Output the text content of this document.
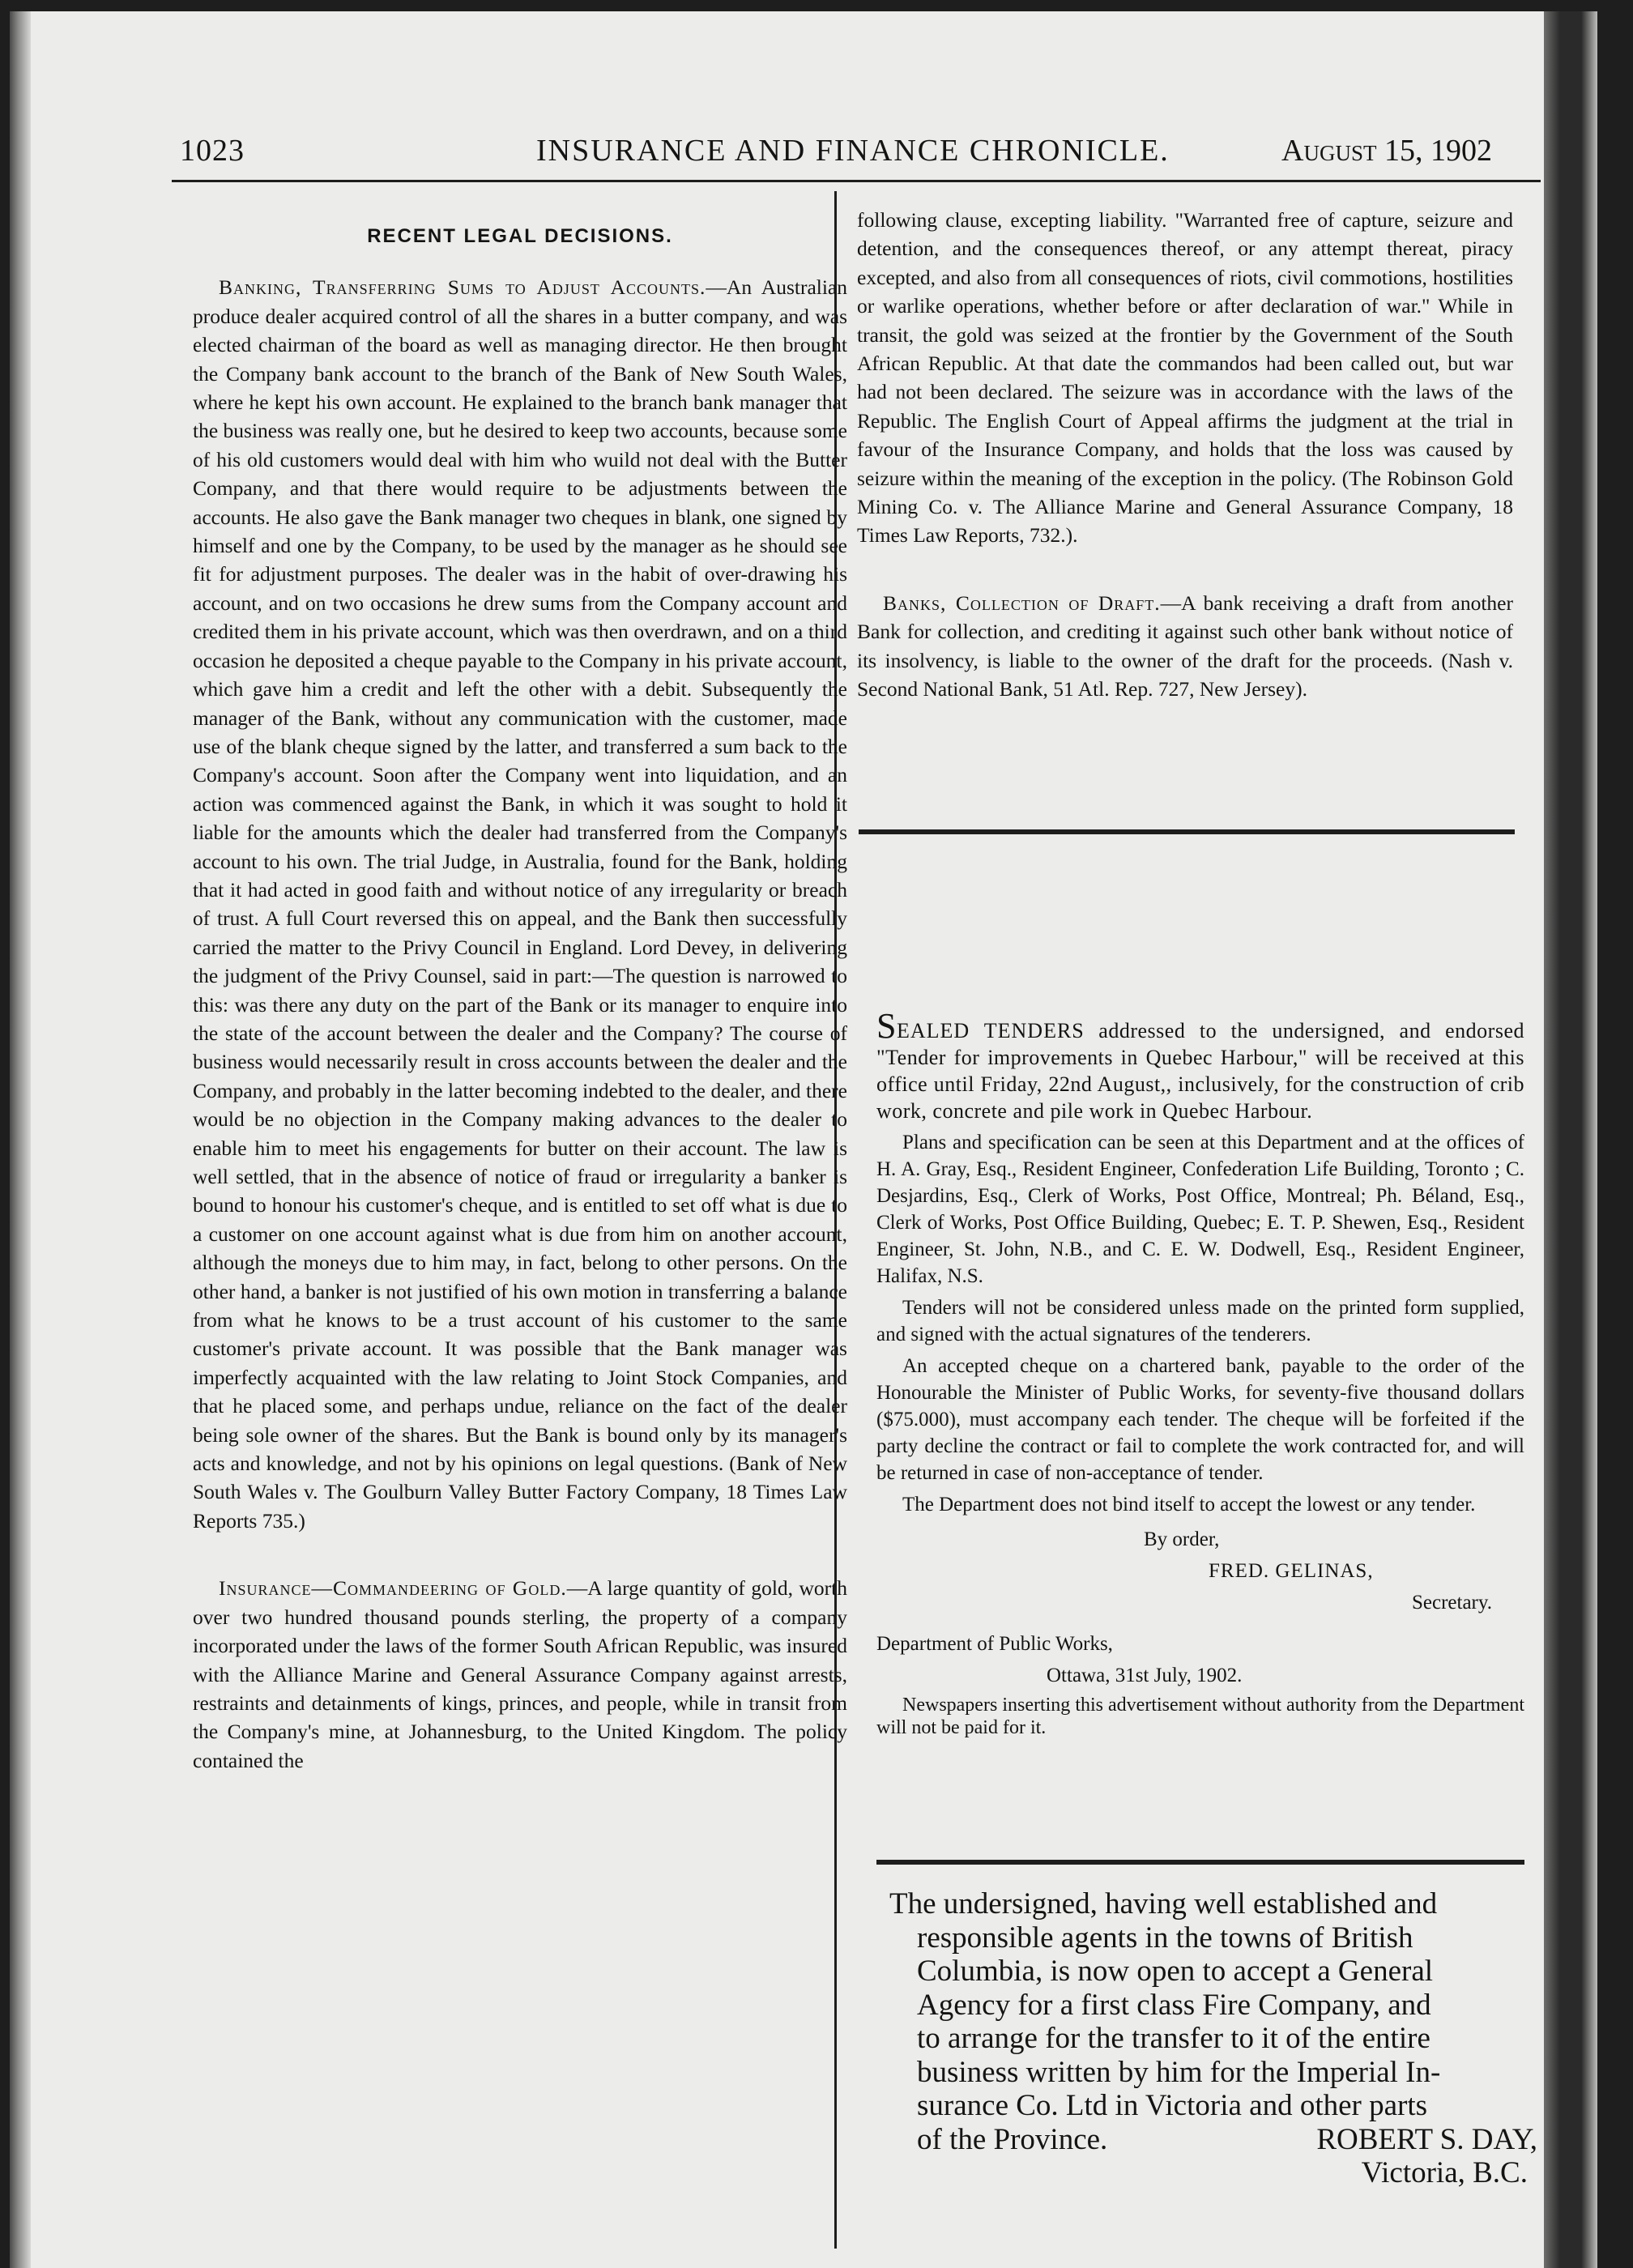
1023	INSURANCE AND FINANCE CHRONICLE.	August 15, 1902
RECENT LEGAL DECISIONS.

Banking, Transferring Sums to Adjust Accounts.—An Australian produce dealer acquired control of all the shares in a butter company, and was elected chairman of the board as well as managing director. He then brought the Company bank account to the branch of the Bank of New South Wales, where he kept his own account. He explained to the branch bank manager that the business was really one, but he desired to keep two accounts, because some of his old customers would deal with him who wuild not deal with the Butter Company, and that there would require to be adjustments between the accounts. He also gave the Bank manager two cheques in blank, one signed by himself and one by the Company, to be used by the manager as he should see fit for adjustment purposes. The dealer was in the habit of over-drawing his account, and on two occasions he drew sums from the Company account and credited them in his private account, which was then overdrawn, and on a third occasion he deposited a cheque payable to the Company in his private account, which gave him a credit and left the other with a debit. Subsequently the manager of the Bank, without any communication with the customer, made use of the blank cheque signed by the latter, and transferred a sum back to the Company's account. Soon after the Company went into liquidation, and an action was commenced against the Bank, in which it was sought to hold it liable for the amounts which the dealer had transferred from the Company's account to his own. The trial Judge, in Australia, found for the Bank, holding that it had acted in good faith and without notice of any irregularity or breach of trust. A full Court reversed this on appeal, and the Bank then successfully carried the matter to the Privy Council in England. Lord Devey, in delivering the judgment of the Privy Counsel, said in part:—The question is narrowed to this: was there any duty on the part of the Bank or its manager to enquire into the state of the account between the dealer and the Company? The course of business would necessarily result in cross accounts between the dealer and the Company, and probably in the latter becoming indebted to the dealer, and there would be no objection in the Company making advances to the dealer to enable him to meet his engagements for butter on their account. The law is well settled, that in the absence of notice of fraud or irregularity a banker is bound to honour his customer's cheque, and is entitled to set off what is due to a customer on one account against what is due from him on another account, although the moneys due to him may, in fact, belong to other persons. On the other hand, a banker is not justified of his own motion in transferring a balance from what he knows to be a trust account of his customer to the same customer's private account. It was possible that the Bank manager was imperfectly acquainted with the law relating to Joint Stock Companies, and that he placed some, and perhaps undue, reliance on the fact of the dealer being sole owner of the shares. But the Bank is bound only by its manager's acts and knowledge, and not by his opinions on legal questions. (Bank of New South Wales v. The Goulburn Valley Butter Factory Company, 18 Times Law Reports 735.)

Insurance—Commandeering of Gold.—A large quantity of gold, worth over two hundred thousand pounds sterling, the property of a company incorporated under the laws of the former South African Republic, was insured with the Alliance Marine and General Assurance Company against arrests, restraints and detainments of kings, princes, and people, while in transit from the Company's mine, at Johannesburg, to the United Kingdom. The policy contained the

following clause, excepting liability. "Warranted free of capture, seizure and detention, and the consequences thereof, or any attempt thereat, piracy excepted, and also from all consequences of riots, civil commotions, hostilities or warlike operations, whether before or after declaration of war." While in transit, the gold was seized at the frontier by the Government of the South African Republic. At that date the commandos had been called out, but war had not been declared. The seizure was in accordance with the laws of the Republic. The English Court of Appeal affirms the judgment at the trial in favour of the Insurance Company, and holds that the loss was caused by seizure within the meaning of the exception in the policy. (The Robinson Gold Mining Co. v. The Alliance Marine and General Assurance Company, 18 Times Law Reports, 732.).

Banks, Collection of Draft.—A bank receiving a draft from another Bank for collection, and crediting it against such other bank without notice of its insolvency, is liable to the owner of the draft for the proceeds. (Nash v. Second National Bank, 51 Atl. Rep. 727, New Jersey).

SEALED TENDERS addressed to the undersigned, and endorsed "Tender for improvements in Quebec Harbour," will be received at this office until Friday, 22nd August,, inclusively, for the construction of crib work, concrete and pile work in Quebec Harbour.

Plans and specification can be seen at this Department and at the offices of H. A. Gray, Esq., Resident Engineer, Confederation Life Building, Toronto ; C. Desjardins, Esq., Clerk of Works, Post Office, Montreal; Ph. Béland, Esq., Clerk of Works, Post Office Building, Quebec; E. T. P. Shewen, Esq., Resident Engineer, St. John, N.B., and C. E. W. Dodwell, Esq., Resident Engineer, Halifax, N.S.

Tenders will not be considered unless made on the printed form supplied, and signed with the actual signatures of the tenderers.

An accepted cheque on a chartered bank, payable to the order of the Honourable the Minister of Public Works, for seventy-five thousand dollars ($75.000), must accompany each tender. The cheque will be forfeited if the party decline the contract or fail to complete the work contracted for, and will be returned in case of non-acceptance of tender.

The Department does not bind itself to accept the lowest or any tender.

By order,

FRED. GELINAS,

Secretary.

Department of Public Works,

Ottawa, 31st July, 1902.

Newspapers inserting this advertisement without authority from the Department will not be paid for it.

The undersigned, having well established and

responsible agents in the towns of British

Columbia, is now open to accept a General

Agency for a first class Fire Company, and

to arrange for the transfer to it of the entire

business written by him for the Imperial In-

surance Co. Ltd in Victoria and other parts

of the Province.	ROBERT S. DAY,

Victoria, B.C.
